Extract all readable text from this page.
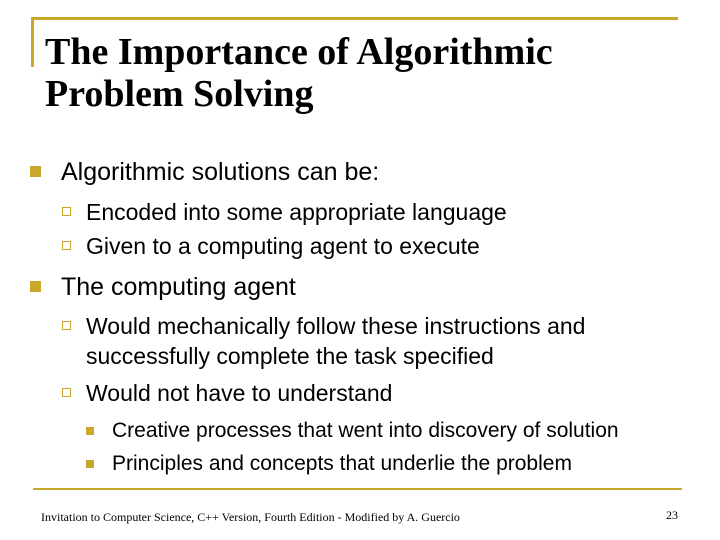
The Importance of Algorithmic
Problem Solving
Algorithmic solutions can be:
Encoded into some appropriate language
Given to a computing agent to execute
The computing agent
Would mechanically follow these instructions and
successfully complete the task specified
Would not have to understand
Creative processes that went into discovery of solution
Principles and concepts that underlie the problem
Invitation to Computer Science, C++ Version, Fourth Edition - Modified by A. Guercio	23
